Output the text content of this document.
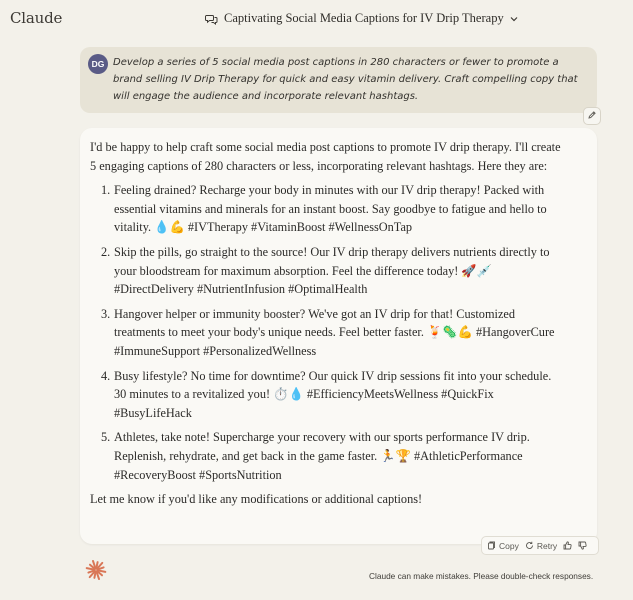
Claude	Captivating Social Media Captions for IV Drip Therapy
DG Develop a series of 5 social media post captions in 280 characters or fewer to promote a brand selling IV Drip Therapy for quick and easy vitamin delivery. Craft compelling copy that will engage the audience and incorporate relevant hashtags.

I'd be happy to help craft some social media post captions to promote IV drip therapy. I'll create 5 engaging captions of 280 characters or less, incorporating relevant hashtags. Here they are:

1. Feeling drained? Recharge your body in minutes with our IV drip therapy! Packed with essential vitamins and minerals for an instant boost. Say goodbye to fatigue and hello to vitality. 💧💪 #IVTherapy #VitaminBoost #WellnessOnTap
2. Skip the pills, go straight to the source! Our IV drip therapy delivers nutrients directly to your bloodstream for maximum absorption. Feel the difference today! 🚀💉 #DirectDelivery #NutrientInfusion #OptimalHealth
3. Hangover helper or immunity booster? We've got an IV drip for that! Customized treatments to meet your body's unique needs. Feel better faster. 🍹🦠💪 #HangoverCure #ImmuneSupport #PersonalizedWellness
4. Busy lifestyle? No time for downtime? Our quick IV drip sessions fit into your schedule. 30 minutes to a revitalized you! ⏱️💧 #EfficiencyMeetsWellness #QuickFix #BusyLifeHack
5. Athletes, take note! Supercharge your recovery with our sports performance IV drip. Replenish, rehydrate, and get back in the game faster. 🏃🏆 #AthleticPerformance #RecoveryBoost #SportsNutrition

Let me know if you'd like any modifications or additional captions!

Copy Retry
Claude can make mistakes. Please double-check responses.
